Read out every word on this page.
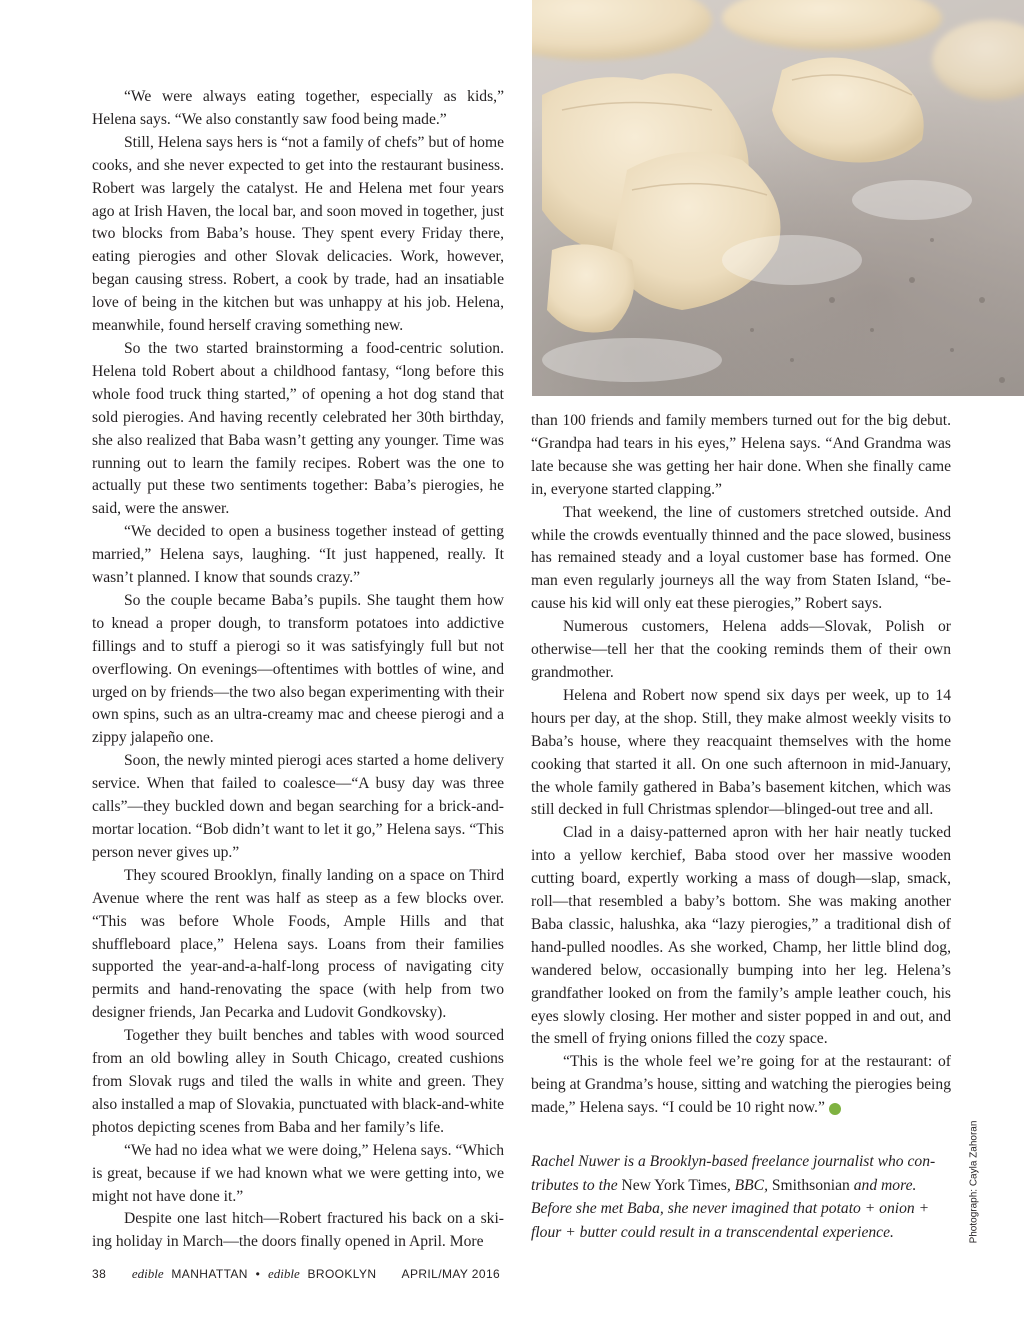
“We were always eating together, especially as kids,” Helena says. “We also constantly saw food being made.”

Still, Helena says hers is “not a family of chefs” but of home cooks, and she never expected to get into the restaurant business. Robert was largely the catalyst. He and Helena met four years ago at Irish Haven, the local bar, and soon moved in together, just two blocks from Baba’s house. They spent every Friday there, eating pierogies and other Slovak delicacies. Work, however, began causing stress. Robert, a cook by trade, had an insatiable love of being in the kitchen but was unhappy at his job. Helena, meanwhile, found herself craving something new.

So the two started brainstorming a food-centric solution. Helena told Robert about a childhood fantasy, “long before this whole food truck thing started,” of opening a hot dog stand that sold pierogies. And having recently celebrated her 30th birthday, she also realized that Baba wasn’t getting any younger. Time was running out to learn the family recipes. Robert was the one to actually put these two sentiments together: Baba’s pierogies, he said, were the answer.

“We decided to open a business together instead of getting married,” Helena says, laughing. “It just happened, really. It wasn’t planned. I know that sounds crazy.”

So the couple became Baba’s pupils. She taught them how to knead a proper dough, to transform potatoes into addictive fillings and to stuff a pierogi so it was satisfyingly full but not overflowing. On evenings—oftentimes with bottles of wine, and urged on by friends—the two also began experimenting with their own spins, such as an ultra-creamy mac and cheese pierogi and a zippy jalapeño one.

Soon, the newly minted pierogi aces started a home delivery service. When that failed to coalesce—“A busy day was three calls”—they buckled down and began searching for a brick-and-mortar location. “Bob didn’t want to let it go,” Helena says. “This person never gives up.”

They scoured Brooklyn, finally landing on a space on Third Avenue where the rent was half as steep as a few blocks over. “This was before Whole Foods, Ample Hills and that shuffleboard place,” Helena says. Loans from their families supported the year-and-a-half-long process of navigating city permits and hand-renovating the space (with help from two designer friends, Jan Pecarka and Ludovit Gondkovsky).

Together they built benches and tables with wood sourced from an old bowling alley in South Chicago, created cushions from Slovak rugs and tiled the walls in white and green. They also installed a map of Slovakia, punctuated with black-and-white photos depicting scenes from Baba and her family’s life.

“We had no idea what we were doing,” Helena says. “Which is great, because if we had known what we were getting into, we might not have done it.”

Despite one last hitch—Robert fractured his back on a skiing holiday in March—the doors finally opened in April. More

than 100 friends and family members turned out for the big debut. “Grandpa had tears in his eyes,” Helena says. “And Grandma was late because she was getting her hair done. When she finally came in, everyone started clapping.”

That weekend, the line of customers stretched outside. And while the crowds eventually thinned and the pace slowed, business has remained steady and a loyal customer base has formed. One man even regularly journeys all the way from Staten Island, “because his kid will only eat these pierogies,” Robert says.

Numerous customers, Helena adds—Slovak, Polish or otherwise—tell her that the cooking reminds them of their own grandmother.

Helena and Robert now spend six days per week, up to 14 hours per day, at the shop. Still, they make almost weekly visits to Baba’s house, where they reacquaint themselves with the home cooking that started it all. On one such afternoon in mid-January, the whole family gathered in Baba’s basement kitchen, which was still decked in full Christmas splendor—blinged-out tree and all.

Clad in a daisy-patterned apron with her hair neatly tucked into a yellow kerchief, Baba stood over her massive wooden cutting board, expertly working a mass of dough—slap, smack, roll—that resembled a baby’s bottom. She was making another Baba classic, halushka, aka “lazy pierogies,” a traditional dish of hand-pulled noodles. As she worked, Champ, her little blind dog, wandered below, occasionally bumping into her leg. Helena’s grandfather looked on from the family’s ample leather couch, his eyes slowly closing. Her mother and sister popped in and out, and the smell of frying onions filled the cozy space.

“This is the whole feel we’re going for at the restaurant: of being at Grandma’s house, sitting and watching the pierogies being made,” Helena says. “I could be 10 right now.”	e

Rachel Nuwer is a Brooklyn-based freelance journalist who contributes to the New York Times, BBC, Smithsonian and more. Before she met Baba, she never imagined that potato + onion + flour + butter could result in a transcendental experience.	Photograph: Cayla Zahoran
38 edible MANHATTAN • edible BROOKLYN APRIL/MAY 2016
